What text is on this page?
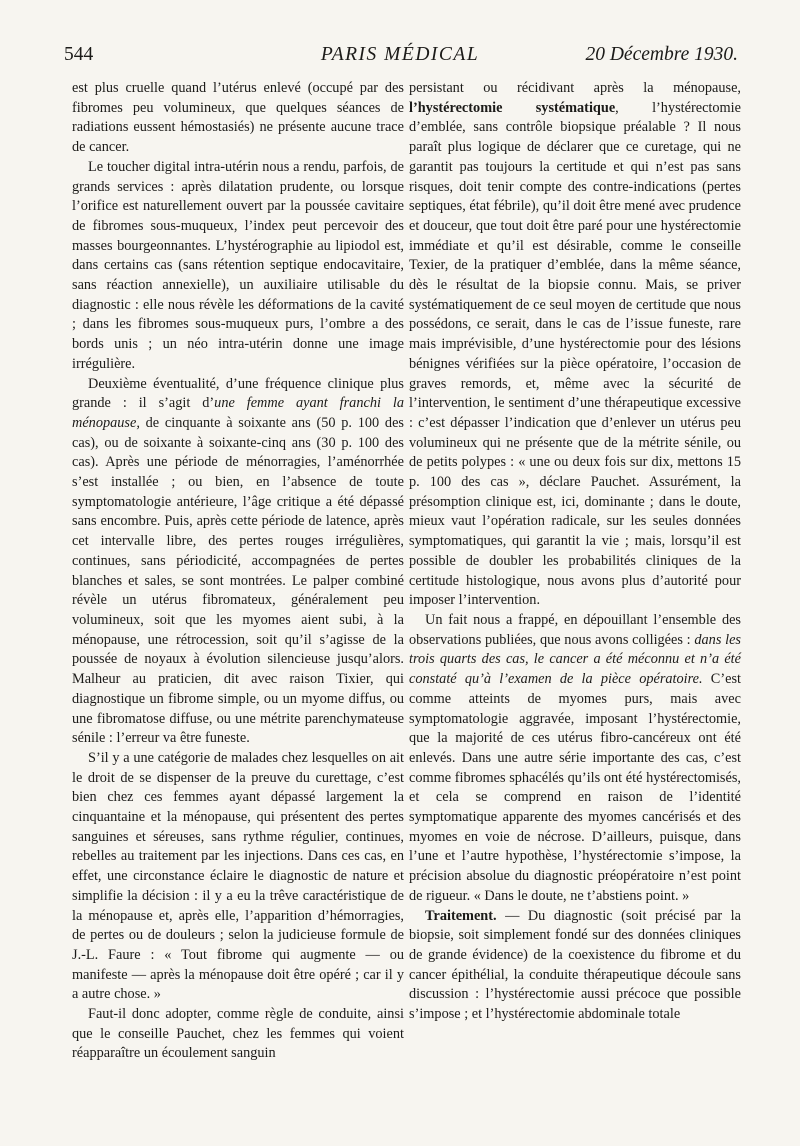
544	PARIS MÉDICAL	20 Décembre 1930.

est plus cruelle quand l’utérus enlevé (occupé par des fibromes peu volumineux, que quelques séances de radiations eussent hémostasiés) ne présente aucune trace de cancer.

Le toucher digital intra-utérin nous a rendu, parfois, de grands services : après dilatation prudente, ou lorsque l’orifice est naturellement ouvert par la poussée cavitaire de fibromes sous-muqueux, l’index peut percevoir des masses bourgeonnantes. L’hystérographie au lipiodol est, dans certains cas (sans rétention septique endocavitaire, sans réaction annexielle), un auxiliaire utilisable du diagnostic : elle nous révèle les déformations de la cavité ; dans les fibromes sous-muqueux purs, l’ombre a des bords unis ; un néo intra-utérin donne une image irrégulière.

Deuxième éventualité, d’une fréquence clinique plus grande : il s’agit d’une femme ayant franchi la ménopause, de cinquante à soixante ans (50 p. 100 des cas), ou de soixante à soixante-cinq ans (30 p. 100 des cas). Après une période de ménorragies, l’aménorrhée s’est installée ; ou bien, en l’absence de toute symptomatologie antérieure, l’âge critique a été dépassé sans encombre. Puis, après cette période de latence, après cet intervalle libre, des pertes rouges irrégulières, continues, sans périodicité, accompagnées de pertes blanches et sales, se sont montrées. Le palper combiné révèle un utérus fibromateux, généralement peu volumineux, soit que les myomes aient subi, à la ménopause, une rétrocession, soit qu’il s’agisse de la poussée de noyaux à évolution silencieuse jusqu’alors. Malheur au praticien, dit avec raison Tixier, qui diagnostique un fibrome simple, ou un myome diffus, ou une fibromatose diffuse, ou une métrite parenchymateuse sénile : l’erreur va être funeste.

S’il y a une catégorie de malades chez lesquelles on ait le droit de se dispenser de la preuve du curettage, c’est bien chez ces femmes ayant dépassé largement la cinquantaine et la ménopause, qui présentent des pertes sanguines et séreuses, sans rythme régulier, continues, rebelles au traitement par les injections. Dans ces cas, en effet, une circonstance éclaire le diagnostic de nature et simplifie la décision : il y a eu la trêve caractéristique de la ménopause et, après elle, l’apparition d’hémorragies, de pertes ou de douleurs ; selon la judicieuse formule de J.-L. Faure : « Tout fibrome qui augmente — ou manifeste — après la ménopause doit être opéré ; car il y a autre chose. »

Faut-il donc adopter, comme règle de conduite, ainsi que le conseille Pauchet, chez les femmes qui voient réapparaître un écoulement sanguin

persistant ou récidivant après la ménopause, l’hystérectomie systématique, l’hystérectomie d’emblée, sans contrôle biopsique préalable ? Il nous paraît plus logique de déclarer que ce curetage, qui ne garantit pas toujours la certitude et qui n’est pas sans risques, doit tenir compte des contre-indications (pertes septiques, état fébrile), qu’il doit être mené avec prudence et douceur, que tout doit être paré pour une hystérectomie immédiate et qu’il est désirable, comme le conseille Texier, de la pratiquer d’emblée, dans la même séance, dès le résultat de la biopsie connu. Mais, se priver systématiquement de ce seul moyen de certitude que nous possédons, ce serait, dans le cas de l’issue funeste, rare mais imprévisible, d’une hystérectomie pour des lésions bénignes vérifiées sur la pièce opératoire, l’occasion de graves remords, et, même avec la sécurité de l’intervention, le sentiment d’une thérapeutique excessive : c’est dépasser l’indication que d’enlever un utérus peu volumineux qui ne présente que de la métrite sénile, ou de petits polypes : « une ou deux fois sur dix, mettons 15 p. 100 des cas », déclare Pauchet. Assurément, la présomption clinique est, ici, dominante ; dans le doute, mieux vaut l’opération radicale, sur les seules données symptomatiques, qui garantit la vie ; mais, lorsqu’il est possible de doubler les probabilités cliniques de la certitude histologique, nous avons plus d’autorité pour imposer l’intervention.

Un fait nous a frappé, en dépouillant l’ensemble des observations publiées, que nous avons colligées : dans les trois quarts des cas, le cancer a été méconnu et n’a été constaté qu’à l’examen de la pièce opératoire. C’est comme atteints de myomes purs, mais avec symptomatologie aggravée, imposant l’hystérectomie, que la majorité de ces utérus fibro-cancéreux ont été enlevés. Dans une autre série importante des cas, c’est comme fibromes sphacélés qu’ils ont été hystérectomisés, et cela se comprend en raison de l’identité symptomatique apparente des myomes cancérisés et des myomes en voie de nécrose. D’ailleurs, puisque, dans l’une et l’autre hypothèse, l’hystérectomie s’impose, la précision absolue du diagnostic préopératoire n’est point de rigueur. « Dans le doute, ne t’abstiens point. »

Traitement. — Du diagnostic (soit précisé par la biopsie, soit simplement fondé sur des données cliniques de grande évidence) de la coexistence du fibrome et du cancer épithélial, la conduite thérapeutique découle sans discussion : l’hystérectomie aussi précoce que possible s’impose ; et l’hystérectomie abdominale totale
